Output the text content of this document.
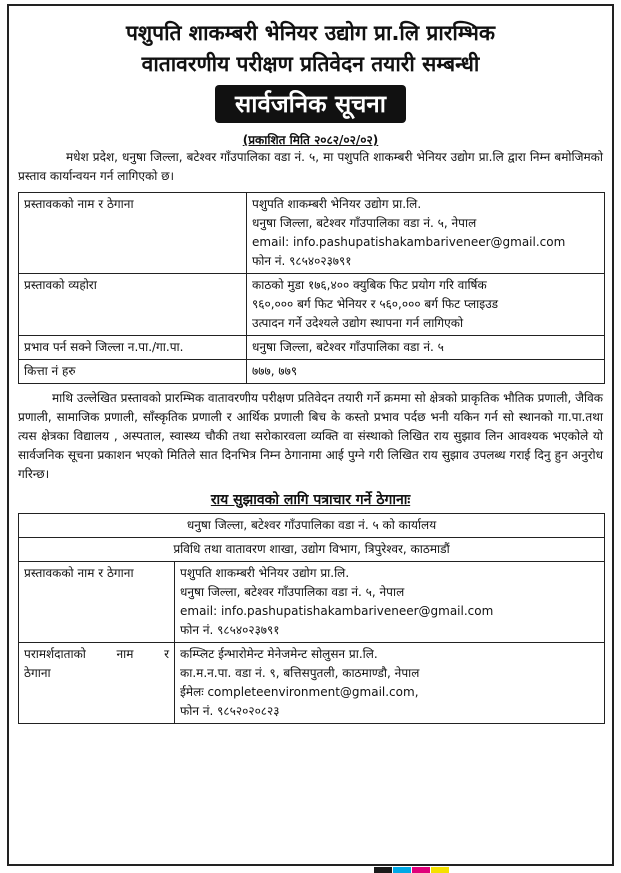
पशुपति शाकम्बरी भेनियर उद्योग प्रा.लि प्रारम्भिक
वातावरणीय परीक्षण प्रतिवेदन तयारी सम्बन्धी
सार्वजनिक सूचना
(प्रकाशित मिति २०८२/०२/०२)

मधेश प्रदेश, धनुषा जिल्ला, बटेश्वर गाँउपालिका वडा नं. ५, मा पशुपति शाकम्बरी भेनियर उद्योग प्रा.लि द्वारा निम्न बमोजिमको प्रस्ताव कार्यान्वयन गर्न लागिएको छ।

प्रस्तावकको नाम र ठेगाना	पशुपति शाकम्बरी भेनियर उद्योग प्रा.लि.
धनुषा जिल्ला, बटेश्वर गाँउपालिका वडा नं. ५, नेपाल
email: info.pashupatishakambariveneer@gmail.com
फोन नं. ९८५४०२३७९१

प्रस्तावको व्यहोरा	काठको मुडा १७६,४०० क्युबिक फिट प्रयोग गरि वार्षिक
९६०,००० बर्ग फिट भेनियर र ५६०,००० बर्ग फिट प्लाइउड
उत्पादन गर्ने उदेश्यले उद्योग स्थापना गर्न लागिएको

प्रभाव पर्न सक्ने जिल्ला न.पा./गा.पा.	धनुषा जिल्ला, बटेश्वर गाँउपालिका वडा नं. ५
कित्ता नं हरु	७७७, ७७९

माथि उल्लेखित प्रस्तावको प्रारम्भिक वातावरणीय परीक्षण प्रतिवेदन तयारी गर्ने क्रममा सो क्षेत्रको प्राकृतिक भौतिक प्रणाली, जैविक प्रणाली, सामाजिक प्रणाली, साँस्कृतिक प्रणाली र आर्थिक प्रणाली बिच के कस्तो प्रभाव पर्दछ भनी यकिन गर्न सो स्थानको गा.पा.तथा त्यस क्षेत्रका विद्यालय , अस्पताल, स्वास्थ्य चौकी तथा सरोकारवला व्यक्ति वा संस्थाको लिखित राय सुझाव लिन आवश्यक भएकोले यो सार्वजनिक सूचना प्रकाशन भएको मितिले सात दिनभित्र निम्न ठेगानामा आई पुग्ने गरी लिखित राय सुझाव उपलब्ध गराई दिनु हुन अनुरोध गरिन्छ।

राय सुझावको लागि पत्राचार गर्ने ठेगानाः
धनुषा जिल्ला, बटेश्वर गाँउपालिका वडा नं. ५ को कार्यालय	
प्रविधि तथा वातावरण शाखा, उद्योग विभाग, त्रिपुरेश्वर, काठमाडौं	
प्रस्तावकको नाम र ठेगाना	पशुपति शाकम्बरी भेनियर उद्योग प्रा.लि.
धनुषा जिल्ला, बटेश्वर गाँउपालिका वडा नं. ५, नेपाल
email: info.pashupatishakambariveneer@gmail.com
फोन नं. ९८५४०२३७९१

परामर्शदाताको नाम र
ठेगाना	कम्प्लिट ईन्भारोमेन्ट मेनेजमेन्ट सोलुसन प्रा.लि.
का.म.न.पा. वडा नं. ९, बत्तिसपुतली, काठमाण्डौ, नेपाल
ईमेलः completeenvironment@gmail.com,
फोन नं. ९८५२०२०८२३
